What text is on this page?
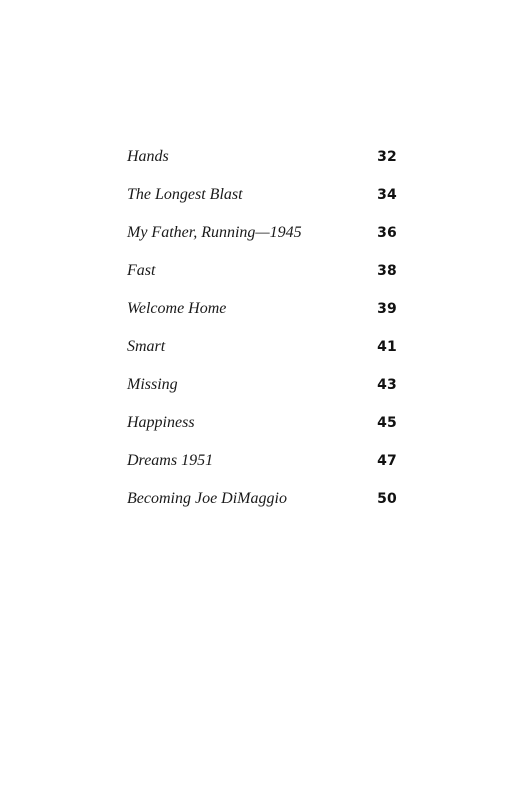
Hands	32
The Longest Blast	34
My Father, Running—1945	36
Fast	38
Welcome Home	39
Smart	41
Missing	43
Happiness	45
Dreams 1951	47
Becoming Joe DiMaggio	50
